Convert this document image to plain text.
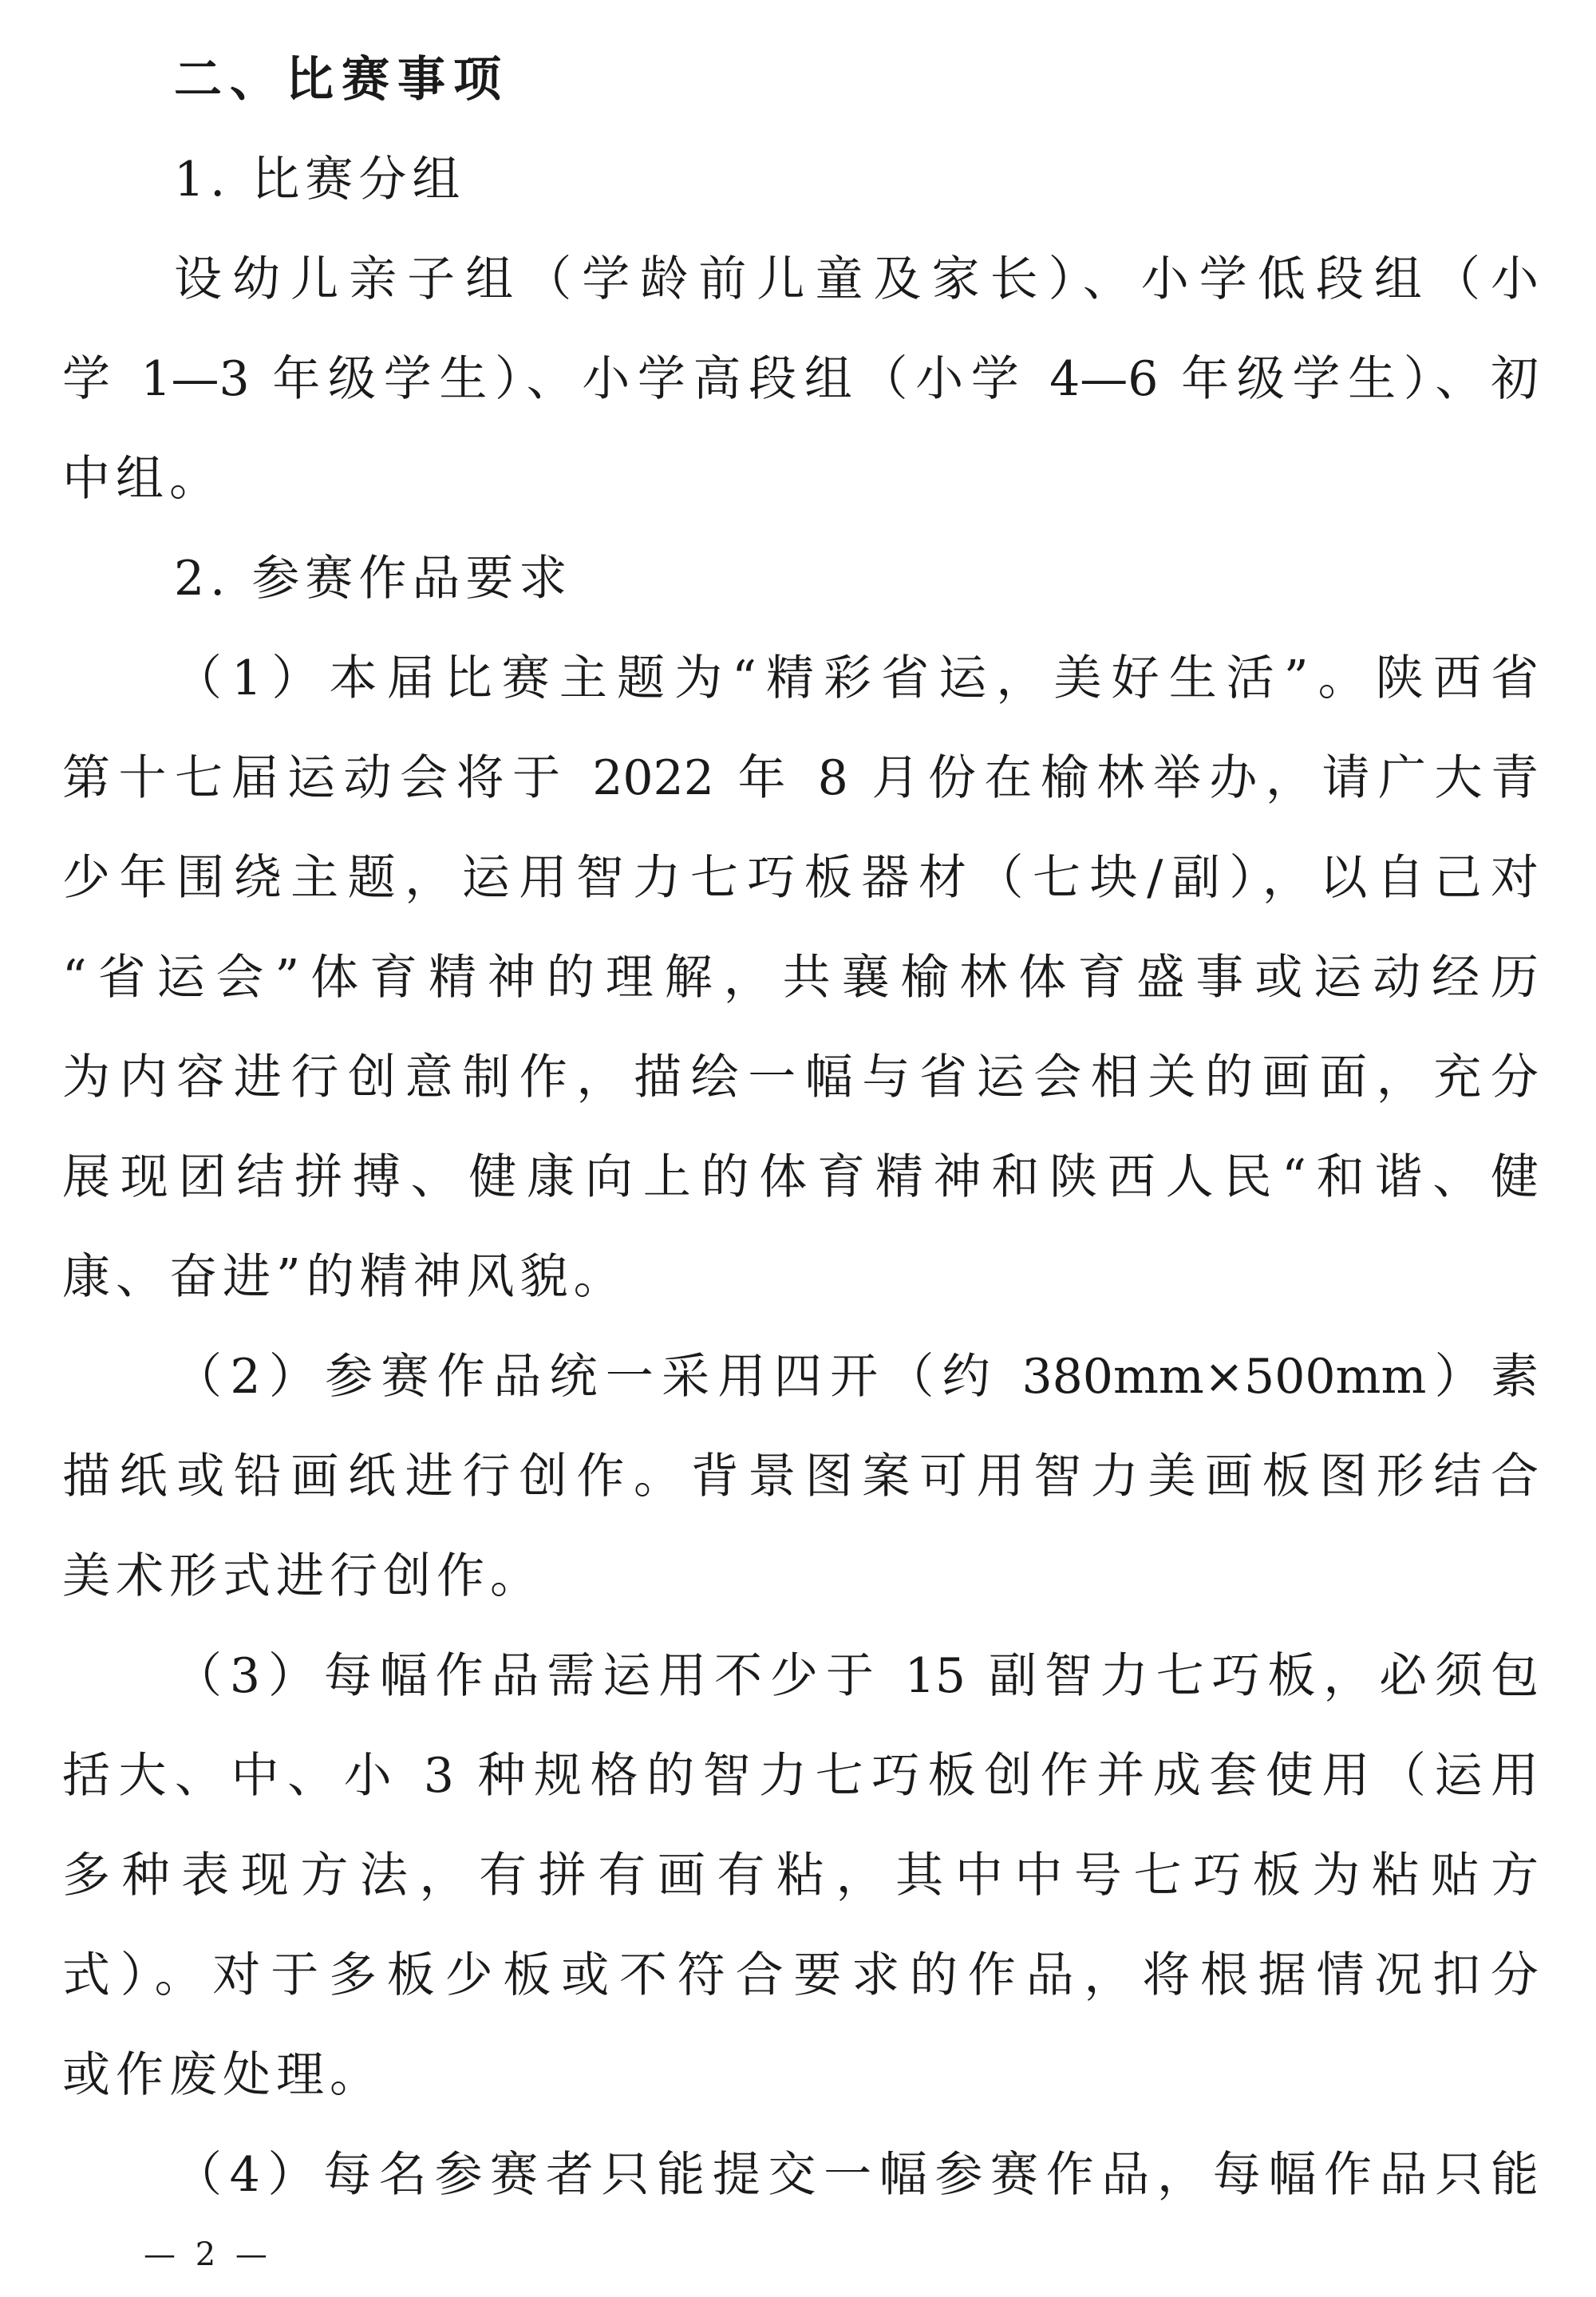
二、比赛事项
1. 比赛分组
设幼儿亲子组（学龄前儿童及家长）、小学低段组（小
学 1—3 年级学生）、小学高段组（小学 4—6 年级学生）、初
中组。
2. 参赛作品要求
（1）本届比赛主题为“精彩省运，美好生活”。陕西省
第十七届运动会将于 2022 年 8 月份在榆林举办，请广大青
少年围绕主题，运用智力七巧板器材（七块/副），以自己对
“省运会”体育精神的理解，共襄榆林体育盛事或运动经历
为内容进行创意制作，描绘一幅与省运会相关的画面，充分
展现团结拼搏、健康向上的体育精神和陕西人民“和谐、健
康、奋进”的精神风貌。
（2）参赛作品统一采用四开（约 380mm×500mm）素
描纸或铅画纸进行创作。背景图案可用智力美画板图形结合
美术形式进行创作。
（3）每幅作品需运用不少于 15 副智力七巧板，必须包
括大、中、小 3 种规格的智力七巧板创作并成套使用（运用
多种表现方法，有拼有画有粘，其中中号七巧板为粘贴方
式）。对于多板少板或不符合要求的作品，将根据情况扣分
或作废处理。
（4）每名参赛者只能提交一幅参赛作品，每幅作品只能
— 2 —
